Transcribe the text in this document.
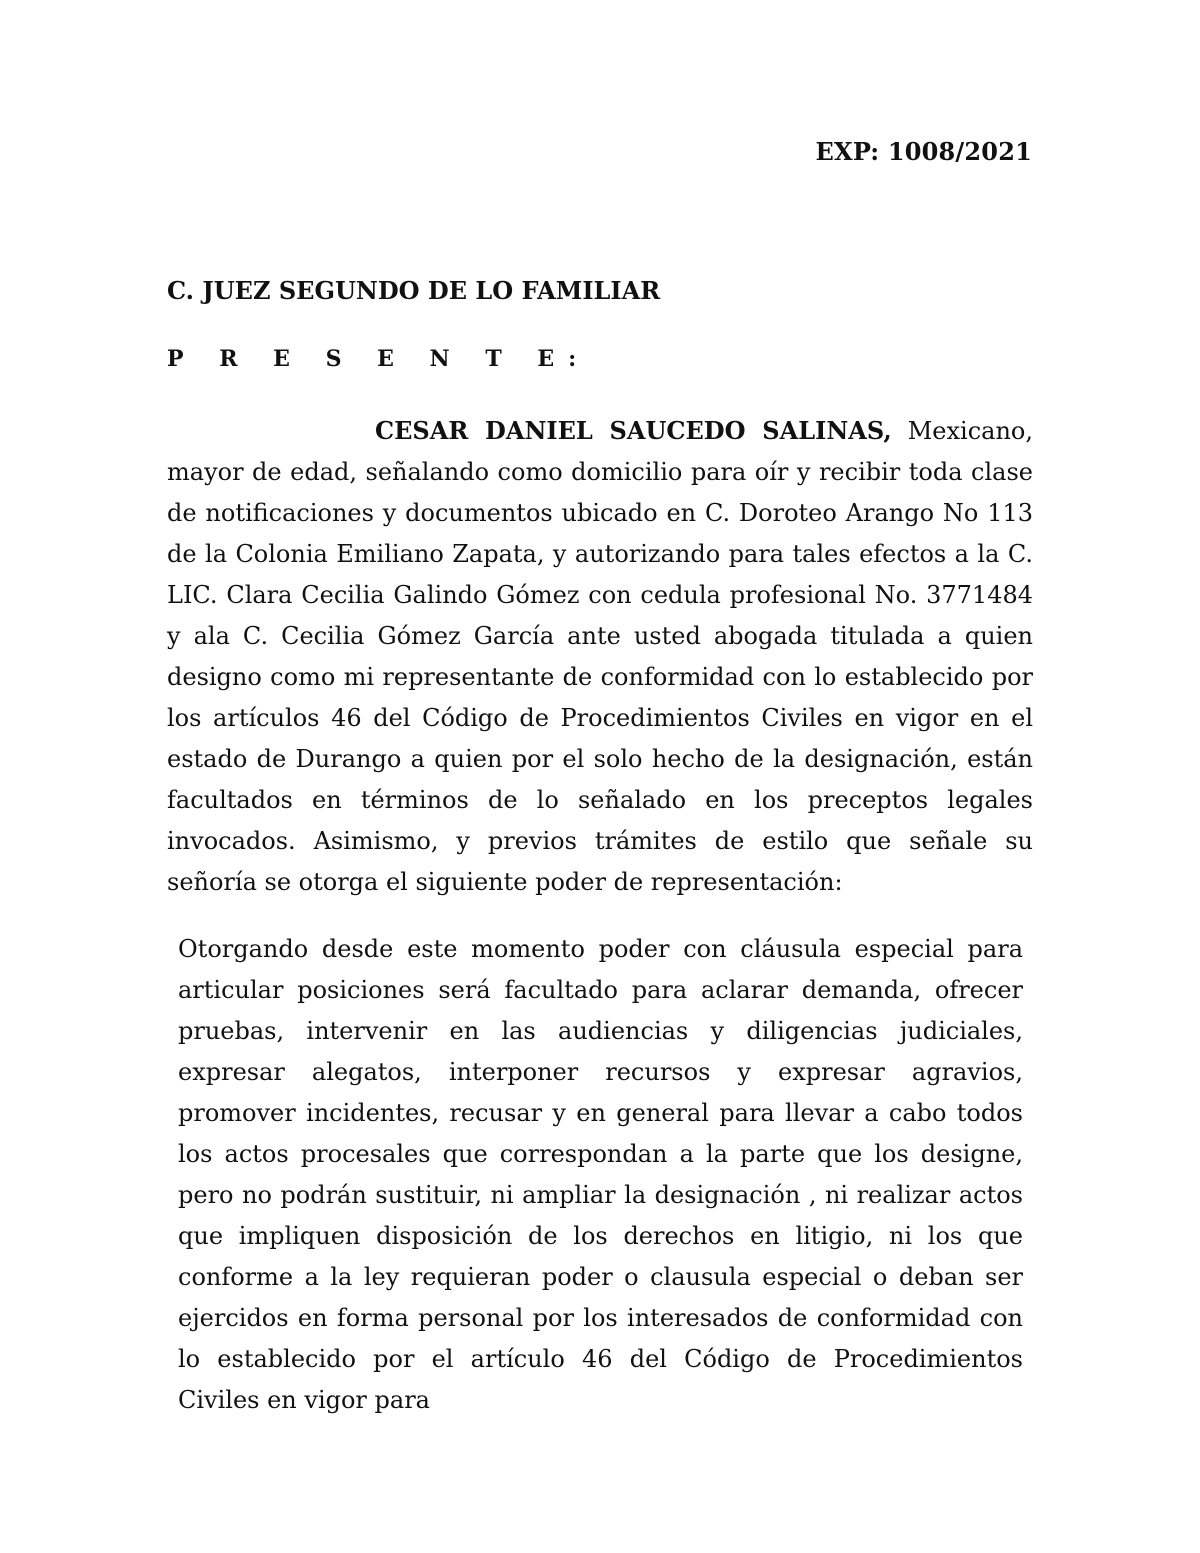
EXP: 1008/2021
C. JUEZ SEGUNDO DE LO FAMILIAR
P R E S E N T E:
CESAR DANIEL SAUCEDO SALINAS, Mexicano, mayor de edad, señalando como domicilio para oír y recibir toda clase de notificaciones y documentos ubicado en C. Doroteo Arango No 113 de la Colonia Emiliano Zapata, y autorizando para tales efectos a la C. LIC. Clara Cecilia Galindo Gómez con cedula profesional No. 3771484 y ala C. Cecilia Gómez García ante usted abogada titulada a quien designo como mi representante de conformidad con lo establecido por los artículos 46 del Código de Procedimientos Civiles en vigor en el estado de Durango a quien por el solo hecho de la designación, están facultados en términos de lo señalado en los preceptos legales invocados. Asimismo, y previos trámites de estilo que señale su señoría se otorga el siguiente poder de representación:
Otorgando desde este momento poder con cláusula especial para articular posiciones será facultado para aclarar demanda, ofrecer pruebas, intervenir en las audiencias y diligencias judiciales, expresar alegatos, interponer recursos y expresar agravios, promover incidentes, recusar y en general para llevar a cabo todos los actos procesales que correspondan a la parte que los designe, pero no podrán sustituir, ni ampliar la designación , ni realizar actos que impliquen disposición de los derechos en litigio, ni los que conforme a la ley requieran poder o clausula especial o deban ser ejercidos en forma personal por los interesados de conformidad con lo establecido por el artículo 46 del Código de Procedimientos Civiles en vigor para
